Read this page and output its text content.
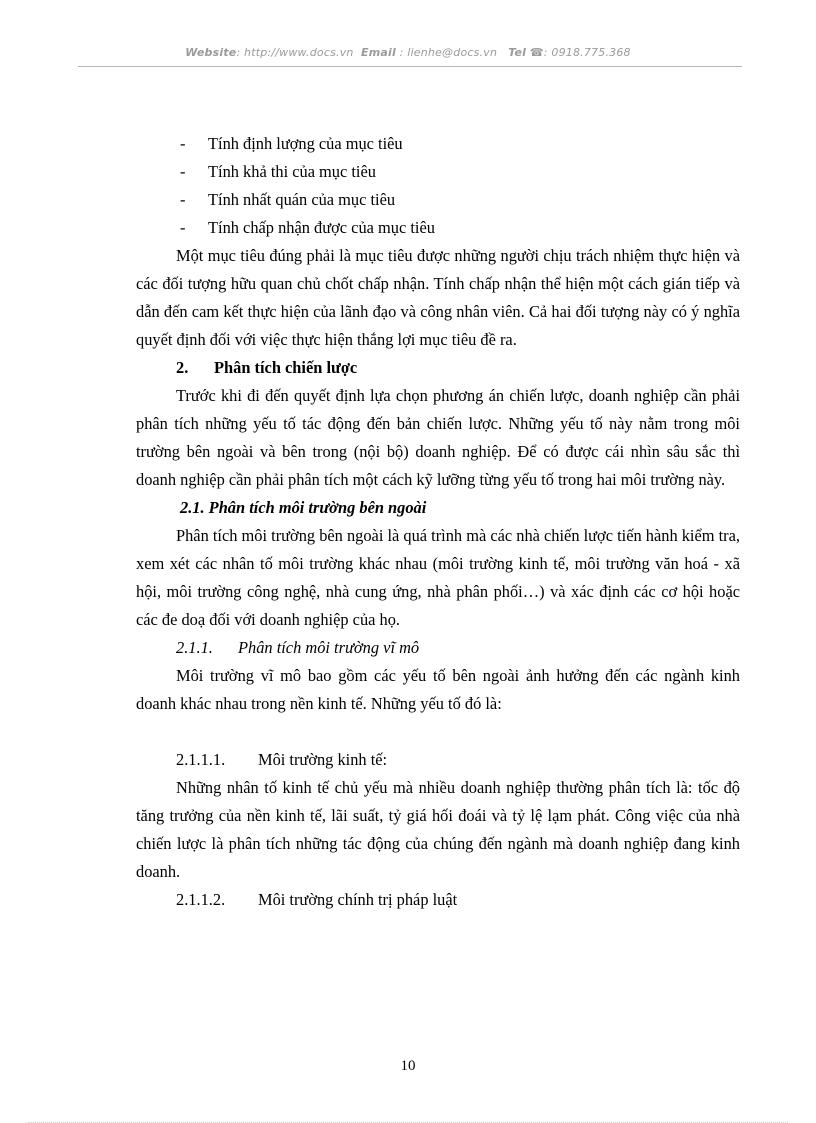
Website: http://www.docs.vn Email : lienhe@docs.vn Tel ☎: 0918.775.368
-	Tính định lượng của mục tiêu
-	Tính khả thi của mục tiêu
-	Tính nhất quán của mục tiêu
-	Tính chấp nhận được của mục tiêu

Một mục tiêu đúng phải là mục tiêu được những người chịu trách nhiệm thực hiện và các đối tượng hữu quan chủ chốt chấp nhận. Tính chấp nhận thể hiện một cách gián tiếp và dẫn đến cam kết thực hiện của lãnh đạo và công nhân viên. Cả hai đối tượng này có ý nghĩa quyết định đối với việc thực hiện thắng lợi mục tiêu đề ra.

2. Phân tích chiến lược

Trước khi đi đến quyết định lựa chọn phương án chiến lược, doanh nghiệp cần phải phân tích những yếu tố tác động đến bản chiến lược. Những yếu tố này nằm trong môi trường bên ngoài và bên trong (nội bộ) doanh nghiệp. Để có được cái nhìn sâu sắc thì doanh nghiệp cần phải phân tích một cách kỹ lưỡng từng yếu tố trong hai môi trường này.

2.1. Phân tích môi trường bên ngoài

Phân tích môi trường bên ngoài là quá trình mà các nhà chiến lược tiến hành kiểm tra, xem xét các nhân tố môi trường khác nhau (môi trường kinh tế, môi trường văn hoá - xã hội, môi trường công nghệ, nhà cung ứng, nhà phân phối…) và xác định các cơ hội hoặc các đe doạ đối với doanh nghiệp của họ.

2.1.1. Phân tích môi trường vĩ mô

Môi trường vĩ mô bao gồm các yếu tố bên ngoài ảnh hưởng đến các ngành kinh doanh khác nhau trong nền kinh tế. Những yếu tố đó là:

2.1.1.1. Môi trường kinh tế:

Những nhân tố kinh tế chủ yếu mà nhiều doanh nghiệp thường phân tích là: tốc độ tăng trưởng của nền kinh tế, lãi suất, tỷ giá hối đoái và tỷ lệ lạm phát. Công việc của nhà chiến lược là phân tích những tác động của chúng đến ngành mà doanh nghiệp đang kinh doanh.

2.1.1.2. Môi trường chính trị pháp luật

10
